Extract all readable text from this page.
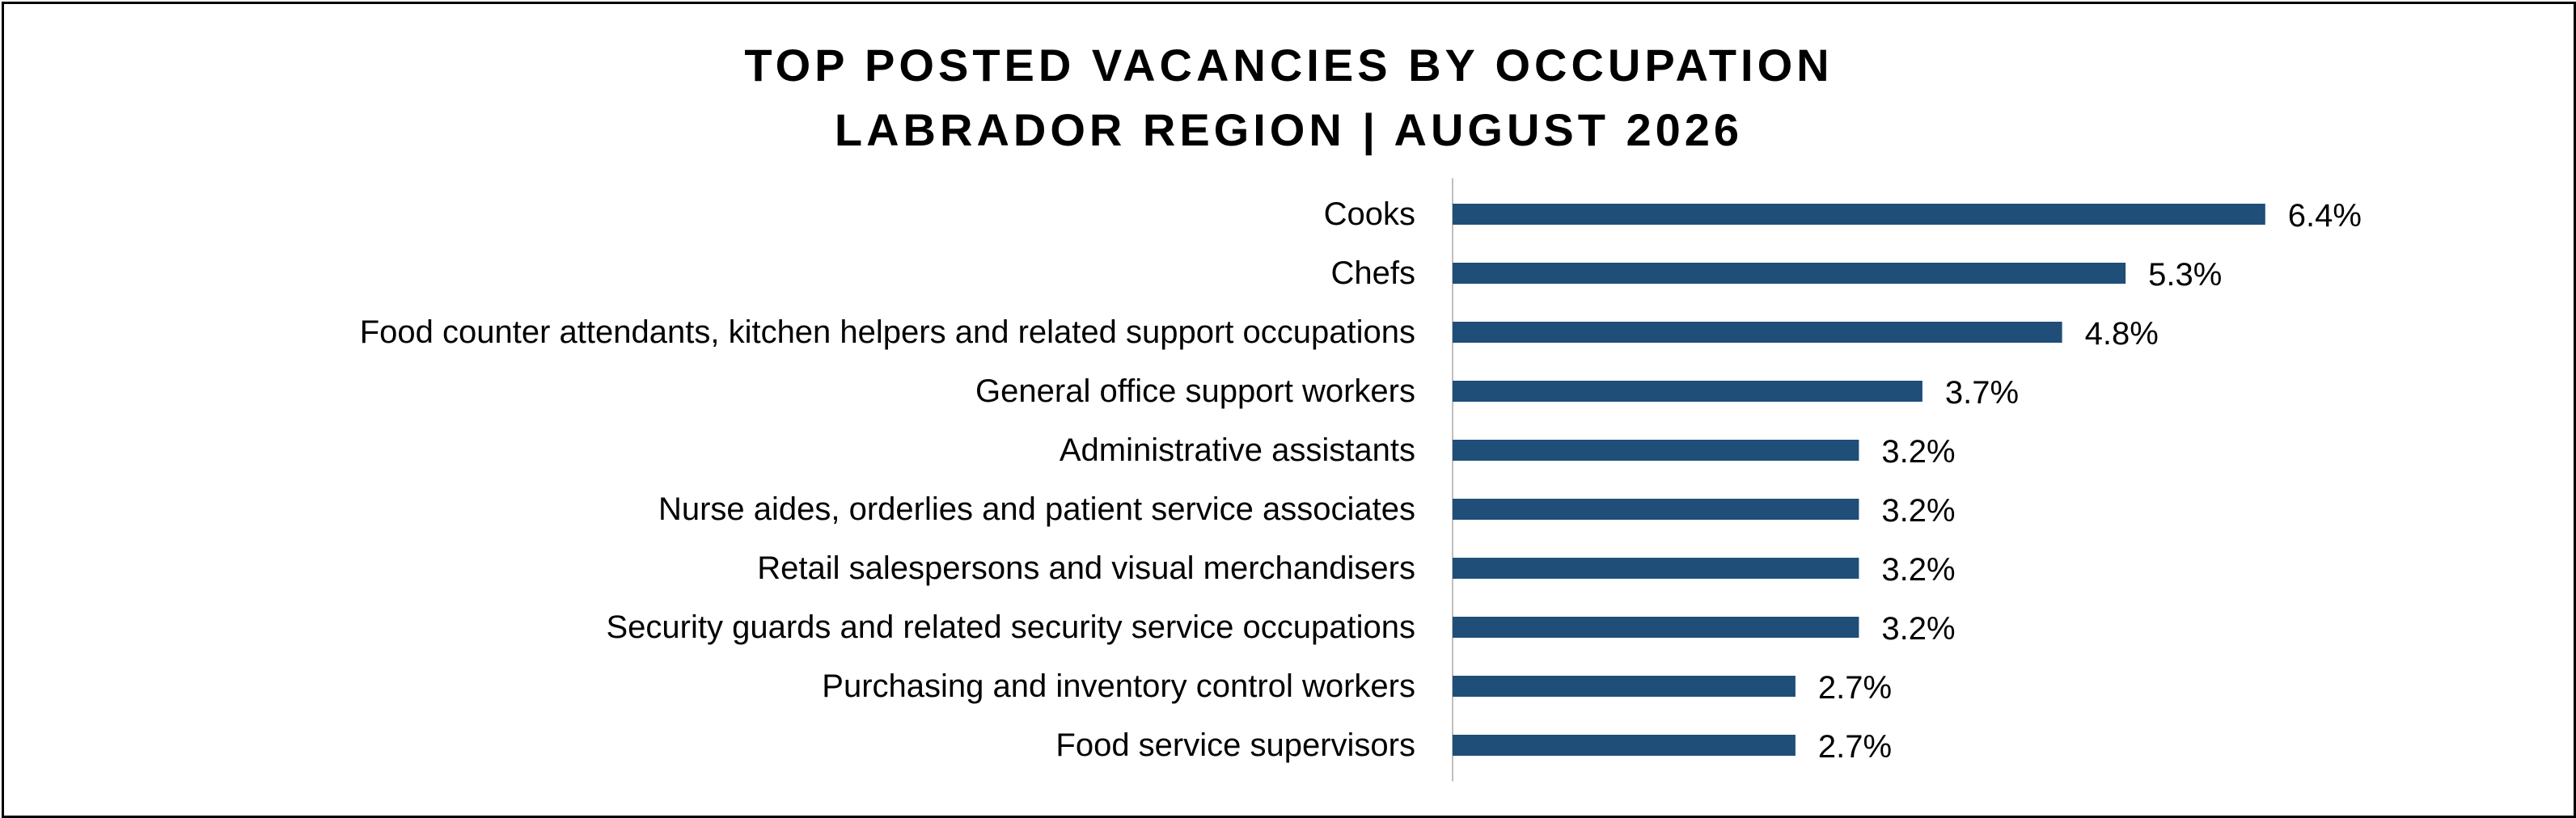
TOP POSTED VACANCIES BY OCCUPATION
LABRADOR REGION | AUGUST 2026
Cooks	6.4%
Chefs	5.3%
Food counter attendants, kitchen helpers and related support occupations	4.8%
General office support workers	3.7%
Administrative assistants	3.2%
Nurse aides, orderlies and patient service associates	3.2%
Retail salespersons and visual merchandisers	3.2%
Security guards and related security service occupations	3.2%
Purchasing and inventory control workers	2.7%
Food service supervisors	2.7%
